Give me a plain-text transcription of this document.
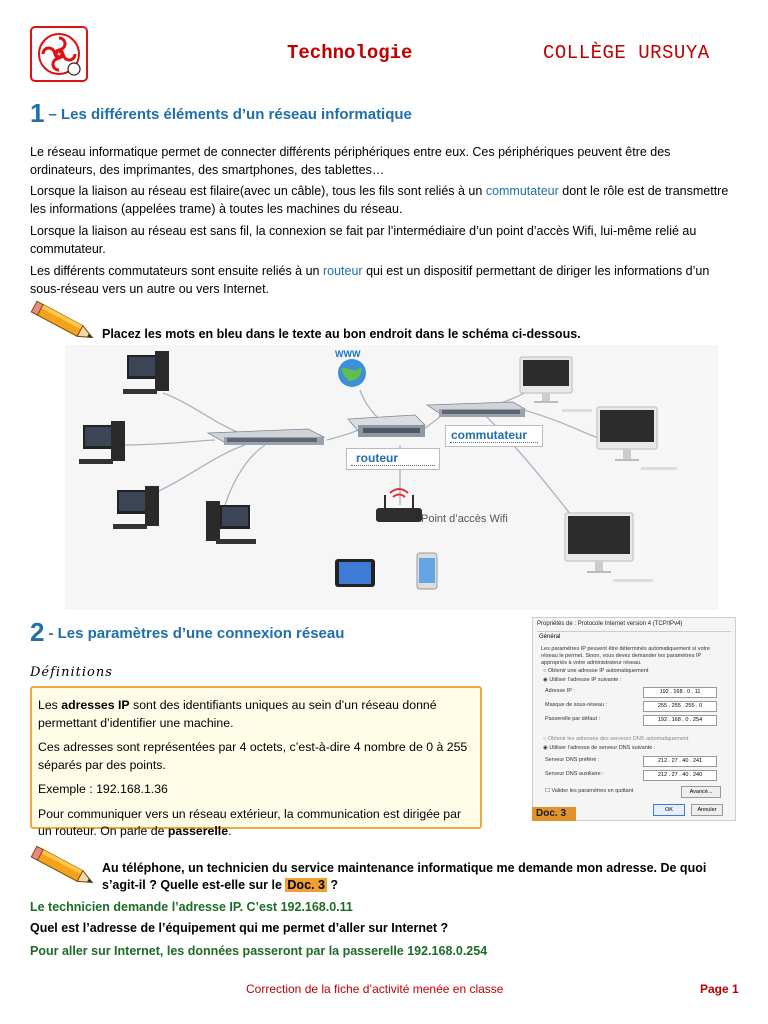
Technologie	COLLÈGE URSUYA
1 – Les différents éléments d’un réseau informatique
Le réseau informatique permet de connecter différents périphériques entre eux. Ces périphériques peuvent être des ordinateurs, des imprimantes, des smartphones, des tablettes…
Lorsque la liaison au réseau est filaire(avec un câble), tous les fils sont reliés à un commutateur dont le rôle est de transmettre les informations (appelées trame) à toutes les machines du réseau.
Lorsque la liaison au réseau est sans fil, la connexion se fait par l’intermédiaire d’un point d’accès Wifi, lui-même relié au commutateur.
Les différents commutateurs sont ensuite reliés à un routeur qui est un dispositif permettant de diriger les informations d’un sous-réseau vers un autre ou vers Internet.
Placez les mots en bleu dans le texte au bon endroit dans le schéma ci-dessous.
WWW
routeur
commutateur
Point d’accès Wifi
2 - Les paramètres d’une connexion réseau
Définitions

Les adresses IP sont des identifiants uniques au sein d’un réseau donné permettant d’identifier une machine.

Ces adresses sont représentées par 4 octets, c’est-à-dire 4 nombre de 0 à 255 séparés par des points.

Exemple : 192.168.1.36

Pour communiquer vers un réseau extérieur, la communication est dirigée par un routeur. On parle de passerelle.

Propriétés de : Protocole Internet version 4 (TCP/IPv4)
Général
Les paramètres IP peuvent être déterminés automatiquement si votre réseau le permet. Sinon, vous devez demander les paramètres IP appropriés à votre administrateur réseau.
○ Obtenir une adresse IP automatiquement
◉ Utiliser l’adresse IP suivante :
Adresse IP :	192 . 168 . 0 . 11
Masque de sous-réseau :	255 . 255 . 255 . 0
Passerelle par défaut :	192 . 168 . 0 . 254
○ Obtenir les adresses des serveurs DNS automatiquement
◉ Utiliser l’adresse de serveur DNS suivante :
Serveur DNS préféré :	212 . 27 . 40 . 241
Serveur DNS auxiliaire :	212 . 27 . 40 . 240
☐ Valider les paramètres en quittant	Avancé...
OK	Annuler
Doc. 3
Au téléphone, un technicien du service maintenance informatique me demande mon adresse. De quoi s’agit-il ? Quelle est-elle sur le Doc. 3 ?
Le technicien demande l’adresse IP. C’est 192.168.0.11
Quel est l’adresse de l’équipement qui me permet d’aller sur Internet ?
Pour aller sur Internet, les données passeront par la passerelle 192.168.0.254
Correction de la fiche d’activité menée en classe	Page 1
